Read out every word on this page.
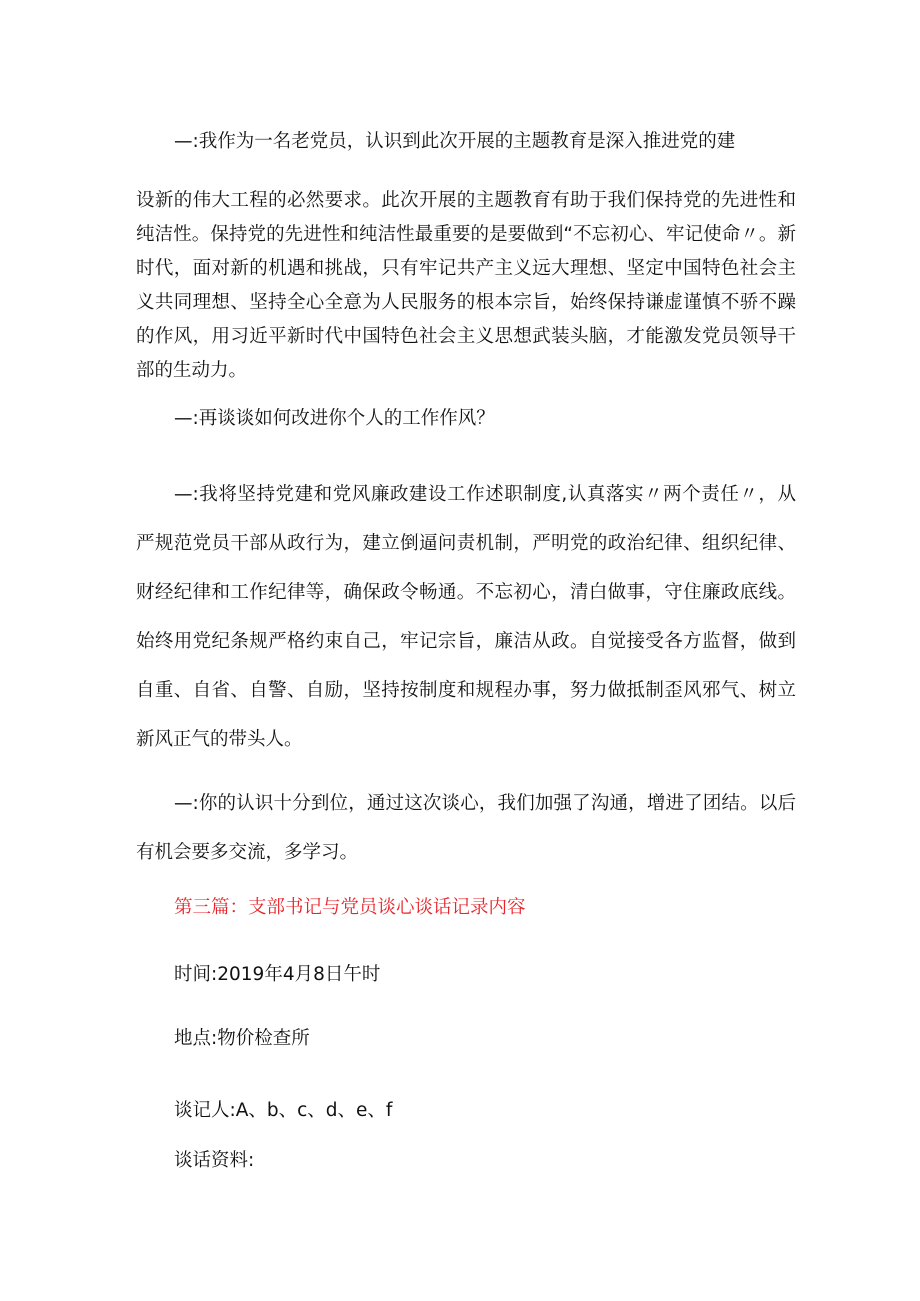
—:我作为一名老党员，认识到此次开展的主题教育是深入推进党的建

设新的伟大工程的必然要求。此次开展的主题教育有助于我们保持党的先进性和纯洁性。保持党的先进性和纯洁性最重要的是要做到“不忘初心、牢记使命〃。新时代，面对新的机遇和挑战，只有牢记共产主义远大理想、坚定中国特色社会主义共同理想、坚持全心全意为人民服务的根本宗旨，始终保持谦虚谨慎不骄不躁的作风，用习近平新时代中国特色社会主义思想武装头脑，才能激发党员领导干部的生动力。

—:再谈谈如何改进你个人的工作作风？

—:我将坚持党建和党风廉政建设工作述职制度,认真落实〃两个责任〃，从严规范党员干部从政行为，建立倒逼问责机制，严明党的政治纪律、组织纪律、财经纪律和工作纪律等，确保政令畅通。不忘初心，清白做事，守住廉政底线。始终用党纪条规严格约束自己，牢记宗旨，廉洁从政。自觉接受各方监督，做到自重、自省、自警、自励，坚持按制度和规程办事，努力做抵制歪风邪气、树立新风正气的带头人。

—:你的认识十分到位，通过这次谈心，我们加强了沟通，增进了团结。以后有机会要多交流，多学习。

第三篇：支部书记与党员谈心谈话记录内容

时间:2019年4月8日午时

地点:物价检查所

谈记人:A、b、c、d、e、f

谈话资料:
